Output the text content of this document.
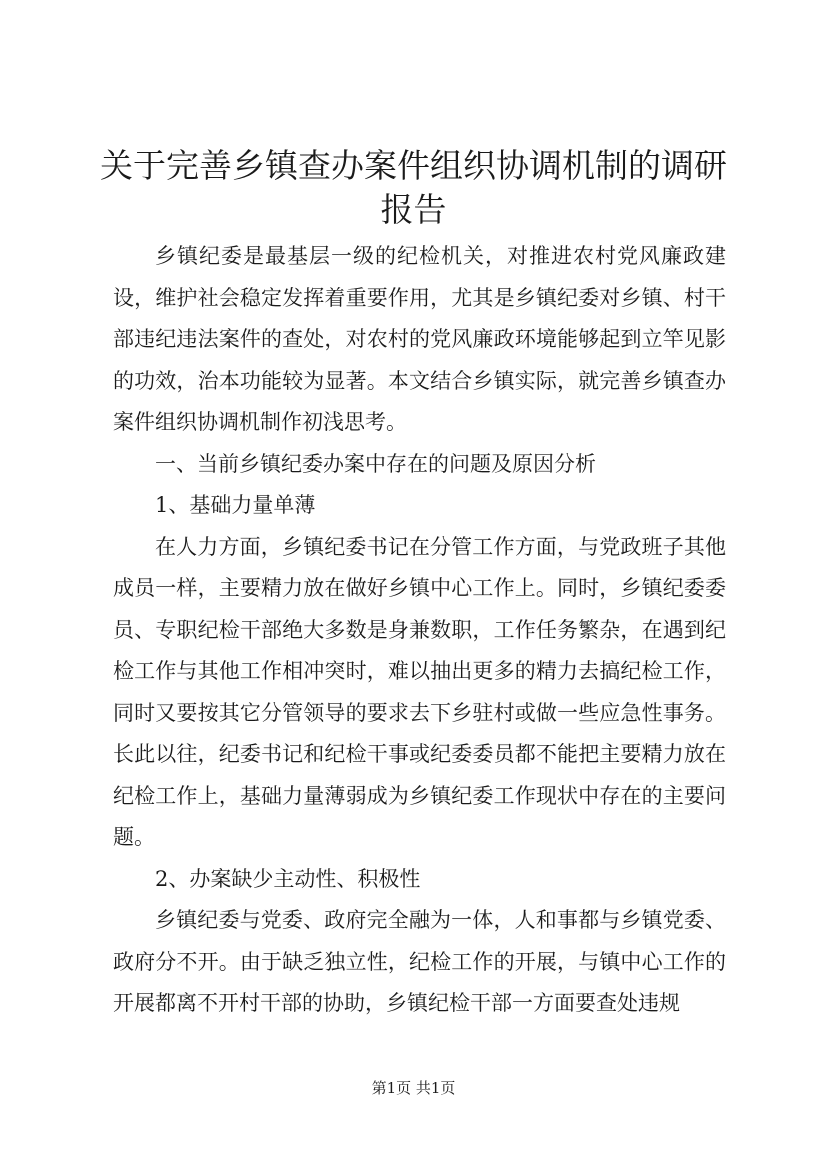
关于完善乡镇查办案件组织协调机制的调研报告

乡镇纪委是最基层一级的纪检机关，对推进农村党风廉政建设，维护社会稳定发挥着重要作用，尤其是乡镇纪委对乡镇、村干部违纪违法案件的查处，对农村的党风廉政环境能够起到立竿见影的功效，治本功能较为显著。本文结合乡镇实际，就完善乡镇查办案件组织协调机制作初浅思考。

一、当前乡镇纪委办案中存在的问题及原因分析

1、基础力量单薄

在人力方面，乡镇纪委书记在分管工作方面，与党政班子其他成员一样，主要精力放在做好乡镇中心工作上。同时，乡镇纪委委员、专职纪检干部绝大多数是身兼数职，工作任务繁杂，在遇到纪检工作与其他工作相冲突时，难以抽出更多的精力去搞纪检工作，同时又要按其它分管领导的要求去下乡驻村或做一些应急性事务。长此以往，纪委书记和纪检干事或纪委委员都不能把主要精力放在纪检工作上，基础力量薄弱成为乡镇纪委工作现状中存在的主要问题。

2、办案缺少主动性、积极性

乡镇纪委与党委、政府完全融为一体，人和事都与乡镇党委、政府分不开。由于缺乏独立性，纪检工作的开展，与镇中心工作的开展都离不开村干部的协助，乡镇纪检干部一方面要查处违规

第1页 共1页
